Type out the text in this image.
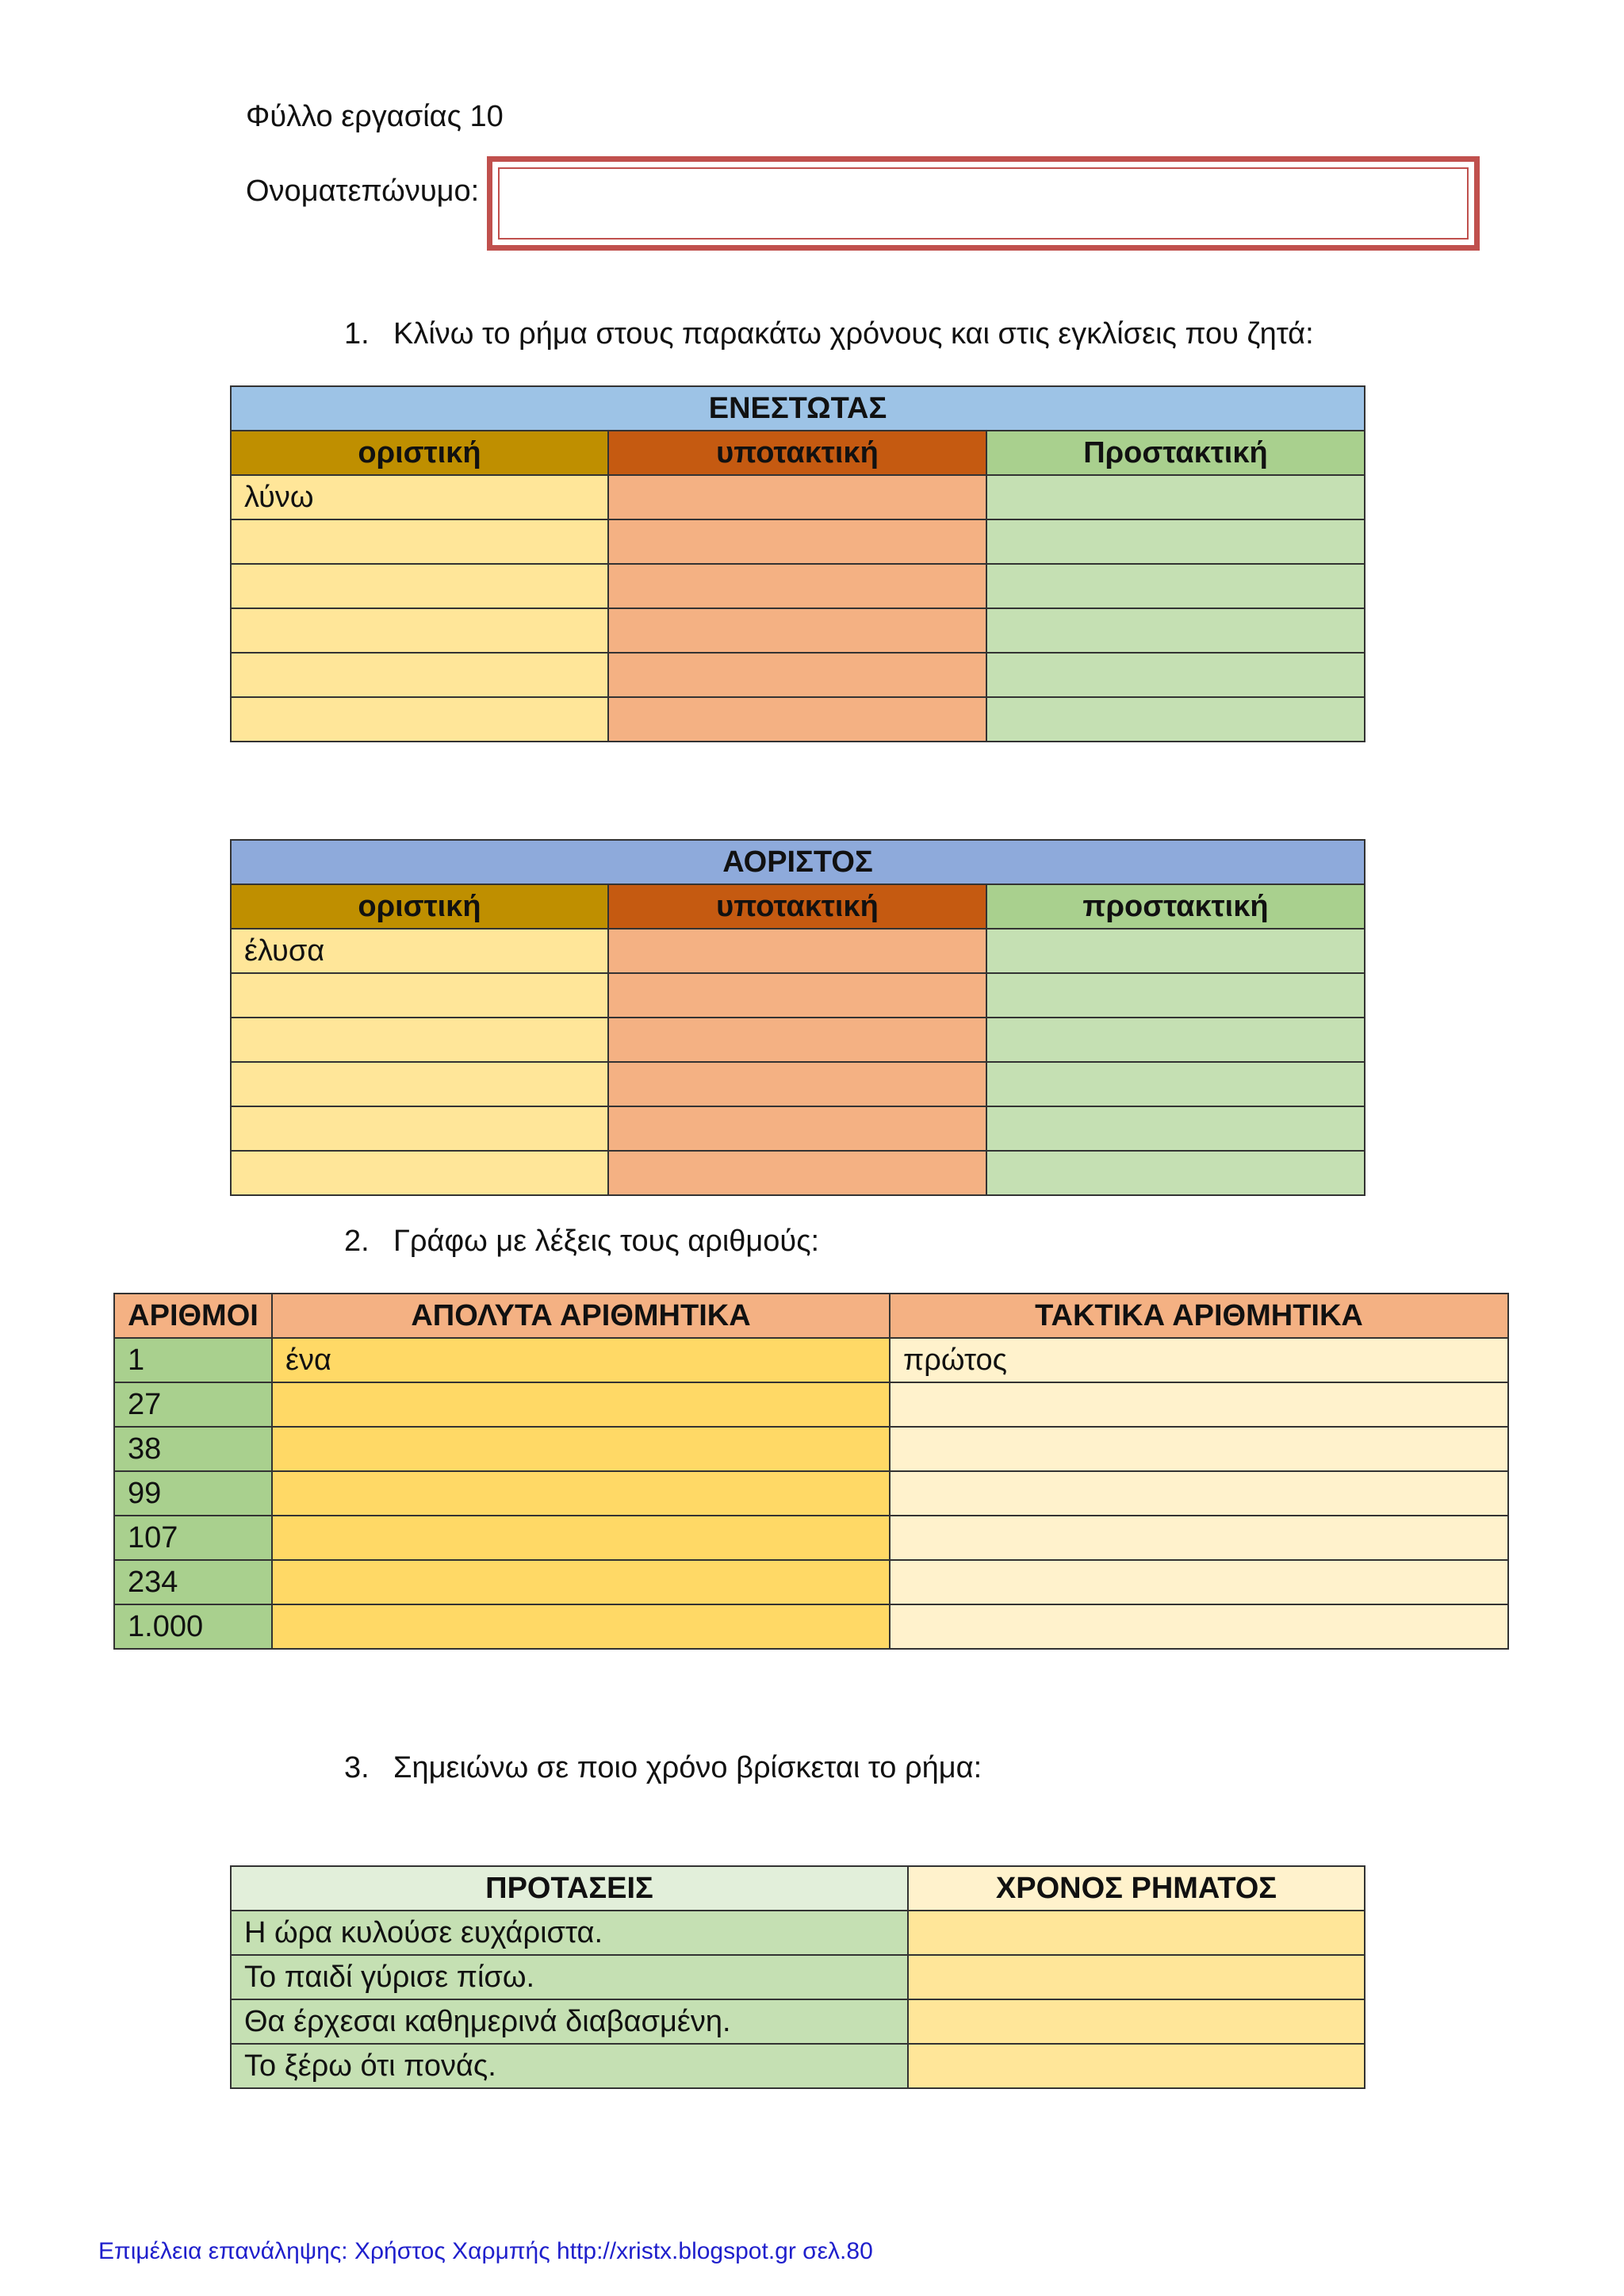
Φύλλο εργασίας 10
Ονοματεπώνυμο:
1. Κλίνω το ρήμα στους παρακάτω χρόνους και στις εγκλίσεις που ζητά:
ΕΝΕΣΤΩΤΑΣ		
οριστική	υποτακτική	Προστακτική
λύνω		

ΑΟΡΙΣΤΟΣ		
οριστική	υποτακτική	προστακτική
έλυσα		

2. Γράφω με λέξεις τους αριθμούς:
ΑΡΙΘΜΟΙ	ΑΠΟΛΥΤΑ ΑΡΙΘΜΗΤΙΚΑ	ΤΑΚΤΙΚΑ ΑΡΙΘΜΗΤΙΚΑ
1	ένα	πρώτος
27		
38		
99		
107		
234		
1.000		
3. Σημειώνω σε ποιο χρόνο βρίσκεται το ρήμα:
ΠΡΟΤΑΣΕΙΣ	ΧΡΟΝΟΣ ΡΗΜΑΤΟΣ
Η ώρα κυλούσε ευχάριστα.	
Το παιδί γύρισε πίσω.	
Θα έρχεσαι καθημερινά διαβασμένη.	
Το ξέρω ότι πονάς.	
Επιμέλεια επανάληψης: Χρήστος Χαρμπής http://xristx.blogspot.gr σελ.80
